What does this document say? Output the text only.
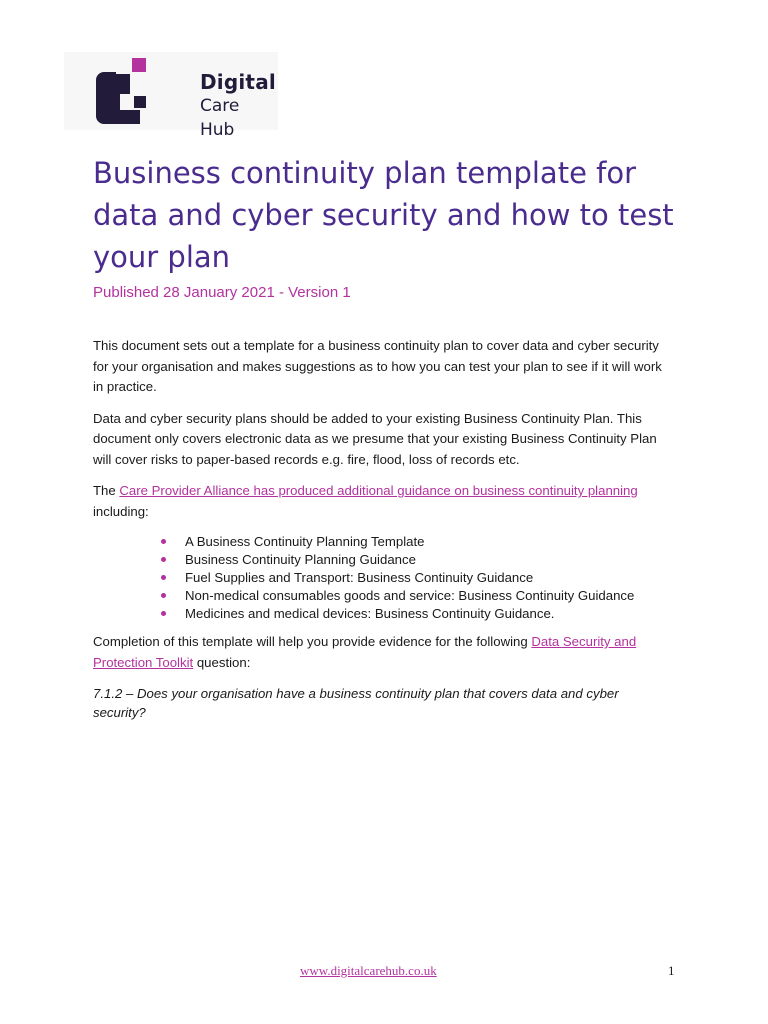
Digital
Care Hub
Business continuity plan template for data and cyber security and how to test your plan
Published 28 January 2021 - Version 1

This document sets out a template for a business continuity plan to cover data and cyber security for your organisation and makes suggestions as to how you can test your plan to see if it will work in practice.

Data and cyber security plans should be added to your existing Business Continuity Plan. This document only covers electronic data as we presume that your existing Business Continuity Plan will cover risks to paper-based records e.g. fire, flood, loss of records etc.

The Care Provider Alliance has produced additional guidance on business continuity planning including:

A Business Continuity Planning Template
Business Continuity Planning Guidance
Fuel Supplies and Transport: Business Continuity Guidance
Non-medical consumables goods and service: Business Continuity Guidance
Medicines and medical devices: Business Continuity Guidance.

Completion of this template will help you provide evidence for the following Data Security and Protection Toolkit question:

7.1.2 – Does your organisation have a business continuity plan that covers data and cyber security?

www.digitalcarehub.co.uk	1
